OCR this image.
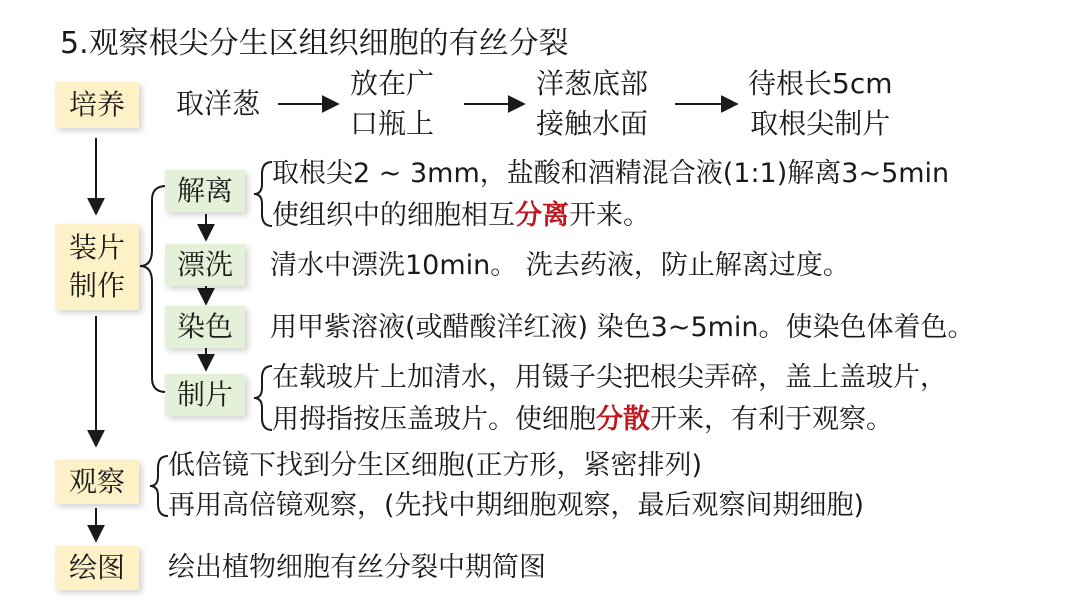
5.观察根尖分生区组织细胞的有丝分裂
培养
装片
制作
观察
绘图
取洋葱
放在广
口瓶上
洋葱底部
接触水面
待根长5cm
取根尖制片
解离
漂洗
染色
制片
取根尖2 ~ 3mm，盐酸和酒精混合液(1:1)解离3~5min
使组织中的细胞相互分离开来。
清水中漂洗10min。 洗去药液，防止解离过度。
用甲紫溶液(或醋酸洋红液) 染色3~5min。使染色体着色。
在载玻片上加清水，用镊子尖把根尖弄碎，盖上盖玻片，
用拇指按压盖玻片。使细胞分散开来，有利于观察。
低倍镜下找到分生区细胞(正方形，紧密排列)
再用高倍镜观察，(先找中期细胞观察，最后观察间期细胞)
绘出植物细胞有丝分裂中期简图
